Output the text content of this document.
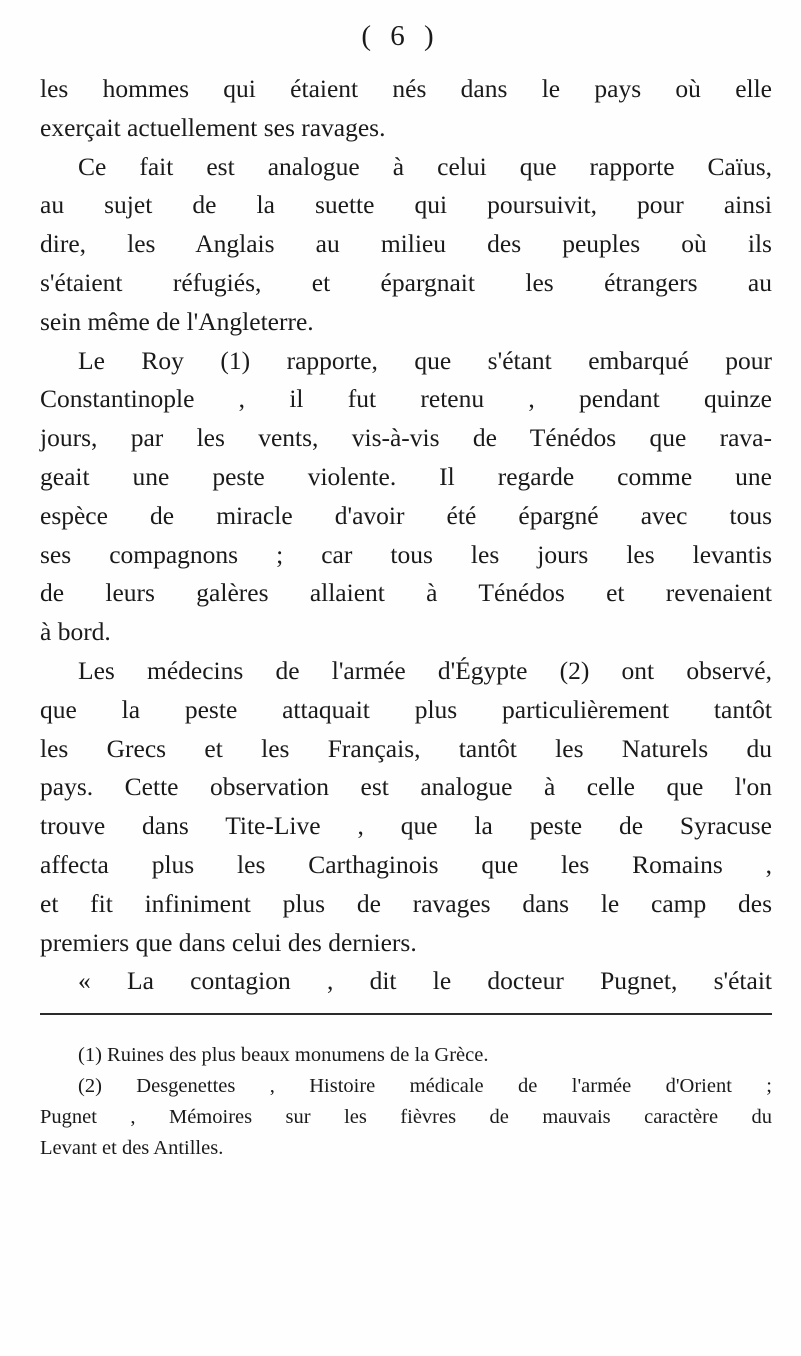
( 6 )
les hommes qui étaient nés dans le pays où elle
exerçait actuellement ses ravages.
Ce fait est analogue à celui que rapporte Caïus,
au sujet de la suette qui poursuivit, pour ainsi
dire, les Anglais au milieu des peuples où ils
s'étaient réfugiés, et épargnait les étrangers au
sein même de l'Angleterre.
Le Roy (1) rapporte, que s'étant embarqué pour
Constantinople , il fut retenu , pendant quinze
jours, par les vents, vis-à-vis de Ténédos que rava-
geait une peste violente. Il regarde comme une
espèce de miracle d'avoir été épargné avec tous
ses compagnons ; car tous les jours les levantis
de leurs galères allaient à Ténédos et revenaient
à bord.
Les médecins de l'armée d'Égypte (2) ont observé,
que la peste attaquait plus particulièrement tantôt
les Grecs et les Français, tantôt les Naturels du
pays. Cette observation est analogue à celle que l'on
trouve dans Tite-Live , que la peste de Syracuse
affecta plus les Carthaginois que les Romains ,
et fit infiniment plus de ravages dans le camp des
premiers que dans celui des derniers.
« La contagion , dit le docteur Pugnet, s'était
(1) Ruines des plus beaux monumens de la Grèce.
(2) Desgenettes , Histoire médicale de l'armée d'Orient ;
Pugnet , Mémoires sur les fièvres de mauvais caractère du
Levant et des Antilles.
